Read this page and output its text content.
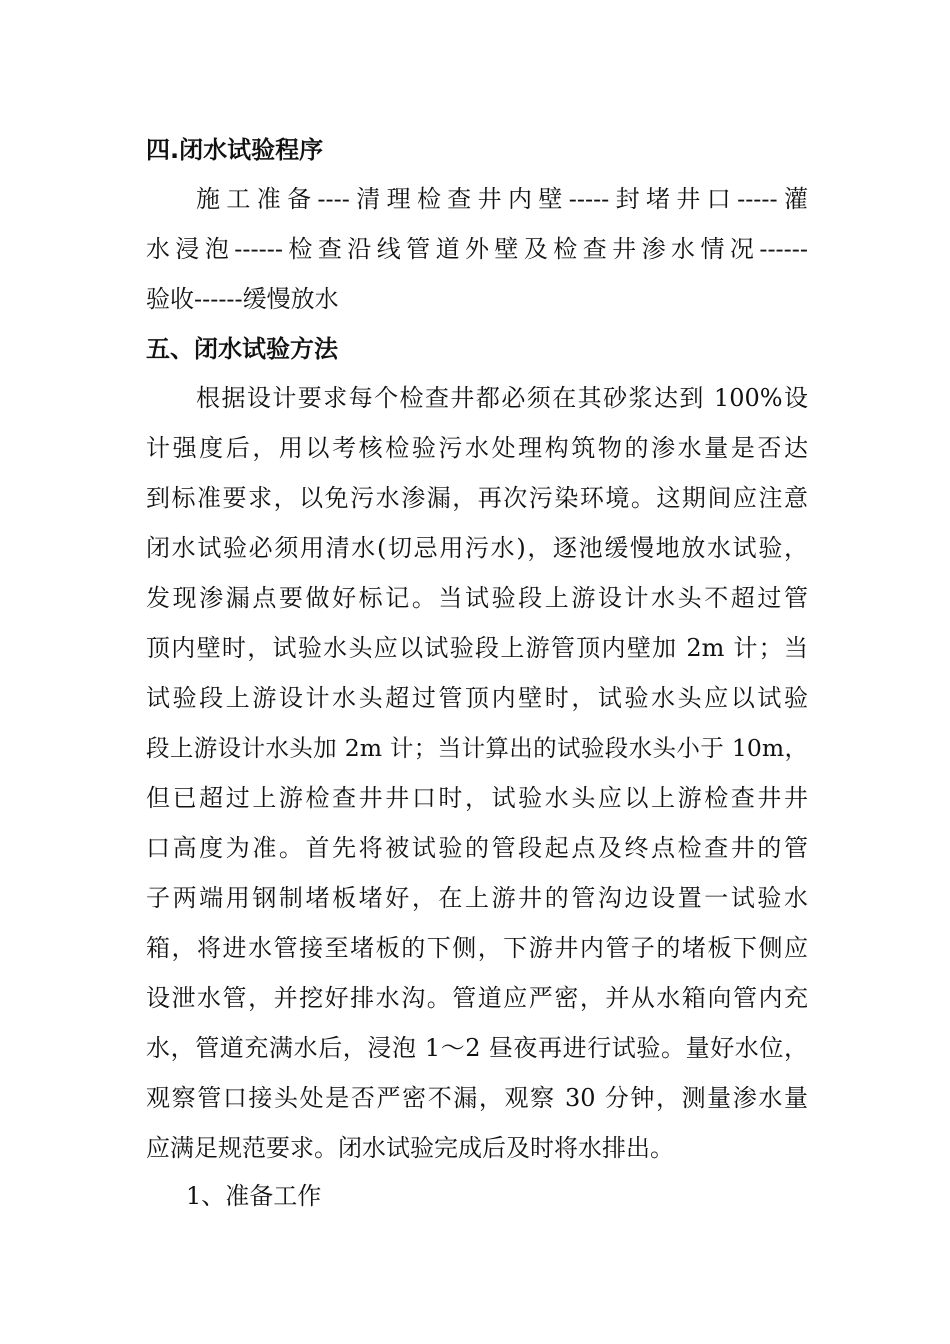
四.闭水试验程序
施工准备----清理检查井内壁-----封堵井口-----灌
水浸泡------检查沿线管道外壁及检查井渗水情况------
验收------缓慢放水
五、闭水试验方法
根据设计要求每个检查井都必须在其砂浆达到 100%设
计强度后，用以考核检验污水处理构筑物的渗水量是否达
到标准要求，以免污水渗漏，再次污染环境。这期间应注意
闭水试验必须用清水(切忌用污水)，逐池缓慢地放水试验，
发现渗漏点要做好标记。当试验段上游设计水头不超过管
顶内壁时，试验水头应以试验段上游管顶内壁加 2m 计；当
试验段上游设计水头超过管顶内壁时，试验水头应以试验
段上游设计水头加 2m 计；当计算出的试验段水头小于 10m，
但已超过上游检查井井口时，试验水头应以上游检查井井
口高度为准。首先将被试验的管段起点及终点检查井的管
子两端用钢制堵板堵好，在上游井的管沟边设置一试验水
箱，将进水管接至堵板的下侧，下游井内管子的堵板下侧应
设泄水管，并挖好排水沟。管道应严密，并从水箱向管内充
水，管道充满水后，浸泡 1～2 昼夜再进行试验。量好水位，
观察管口接头处是否严密不漏，观察 30 分钟，测量渗水量
应满足规范要求。闭水试验完成后及时将水排出。
1、准备工作
